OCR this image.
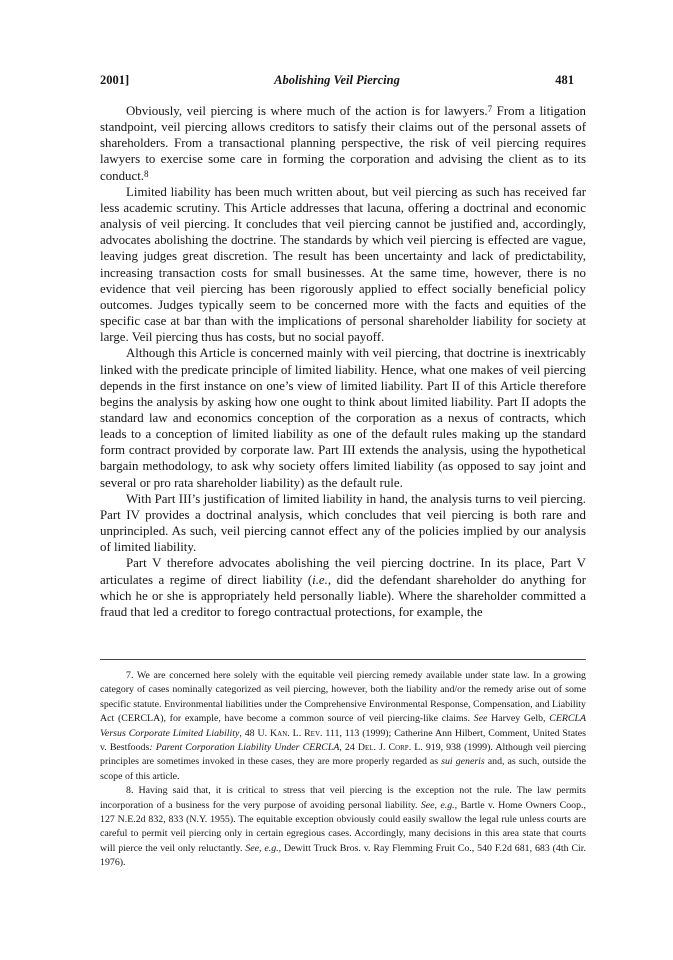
2001]	Abolishing Veil Piercing	481

Obviously, veil piercing is where much of the action is for lawyers.$^7$ From a litigation standpoint, veil piercing allows creditors to satisfy their claims out of the personal assets of shareholders. From a transactional planning perspective, the risk of veil piercing requires lawyers to exercise some care in forming the corporation and advising the client as to its conduct.$^8$

Limited liability has been much written about, but veil piercing as such has received far less academic scrutiny. This Article addresses that lacuna, offering a doctrinal and economic analysis of veil piercing. It concludes that veil piercing cannot be justified and, accordingly, advocates abolishing the doctrine. The standards by which veil piercing is effected are vague, leaving judges great discretion. The result has been uncertainty and lack of predictability, increasing transaction costs for small businesses. At the same time, however, there is no evidence that veil piercing has been rigorously applied to effect socially beneficial policy outcomes. Judges typically seem to be concerned more with the facts and equities of the specific case at bar than with the implications of personal shareholder liability for society at large. Veil piercing thus has costs, but no social payoff.

Although this Article is concerned mainly with veil piercing, that doctrine is inextricably linked with the predicate principle of limited liability. Hence, what one makes of veil piercing depends in the first instance on one’s view of limited liability. Part II of this Article therefore begins the analysis by asking how one ought to think about limited liability. Part II adopts the standard law and economics conception of the corporation as a nexus of contracts, which leads to a conception of limited liability as one of the default rules making up the standard form contract provided by corporate law. Part III extends the analysis, using the hypothetical bargain methodology, to ask why society offers limited liability (as opposed to say joint and several or pro rata shareholder liability) as the default rule.

With Part III’s justification of limited liability in hand, the analysis turns to veil piercing. Part IV provides a doctrinal analysis, which concludes that veil piercing is both rare and unprincipled. As such, veil piercing cannot effect any of the policies implied by our analysis of limited liability.

Part V therefore advocates abolishing the veil piercing doctrine. In its place, Part V articulates a regime of direct liability (i.e., did the defendant shareholder do anything for which he or she is appropriately held personally liable). Where the shareholder committed a fraud that led a creditor to forego contractual protections, for example, the

7. We are concerned here solely with the equitable veil piercing remedy available under state law. In a growing category of cases nominally categorized as veil piercing, however, both the liability and/or the remedy arise out of some specific statute. Environmental liabilities under the Comprehensive Environmental Response, Compensation, and Liability Act (CERCLA), for example, have become a common source of veil piercing-like claims. See Harvey Gelb, CERCLA Versus Corporate Limited Liability, 48 U. Kan. L. Rev. 111, 113 (1999); Catherine Ann Hilbert, Comment, United States v. Bestfoods: Parent Corporation Liability Under CERCLA, 24 Del. J. Corp. L. 919, 938 (1999). Although veil piercing principles are sometimes invoked in these cases, they are more properly regarded as sui generis and, as such, outside the scope of this article.

8. Having said that, it is critical to stress that veil piercing is the exception not the rule. The law permits incorporation of a business for the very purpose of avoiding personal liability. See, e.g., Bartle v. Home Owners Coop., 127 N.E.2d 832, 833 (N.Y. 1955). The equitable exception obviously could easily swallow the legal rule unless courts are careful to permit veil piercing only in certain egregious cases. Accordingly, many decisions in this area state that courts will pierce the veil only reluctantly. See, e.g., Dewitt Truck Bros. v. Ray Flemming Fruit Co., 540 F.2d 681, 683 (4th Cir. 1976).
